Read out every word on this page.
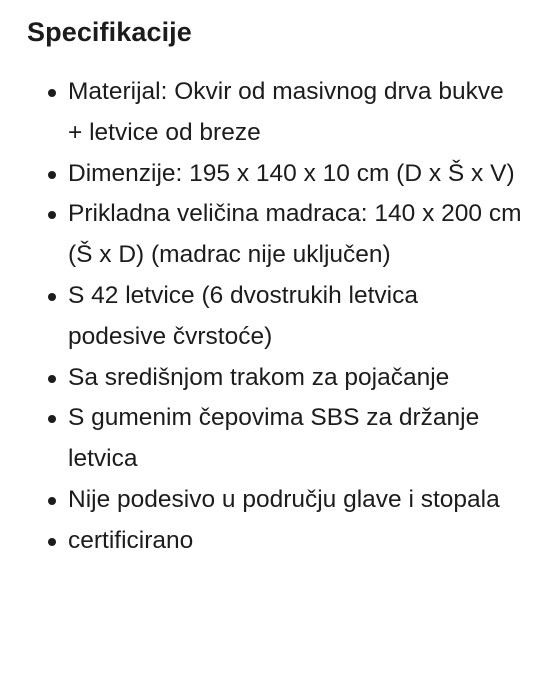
Specifikacije
Materijal: Okvir od masivnog drva bukve + letvice od breze
Dimenzije: 195 x 140 x 10 cm (D x Š x V)
Prikladna veličina madraca: 140 x 200 cm (Š x D) (madrac nije uključen)
S 42 letvice (6 dvostrukih letvica podesive čvrstoće)
Sa središnjom trakom za pojačanje
S gumenim čepovima SBS za držanje letvica
Nije podesivo u području glave i stopala
certificirano
